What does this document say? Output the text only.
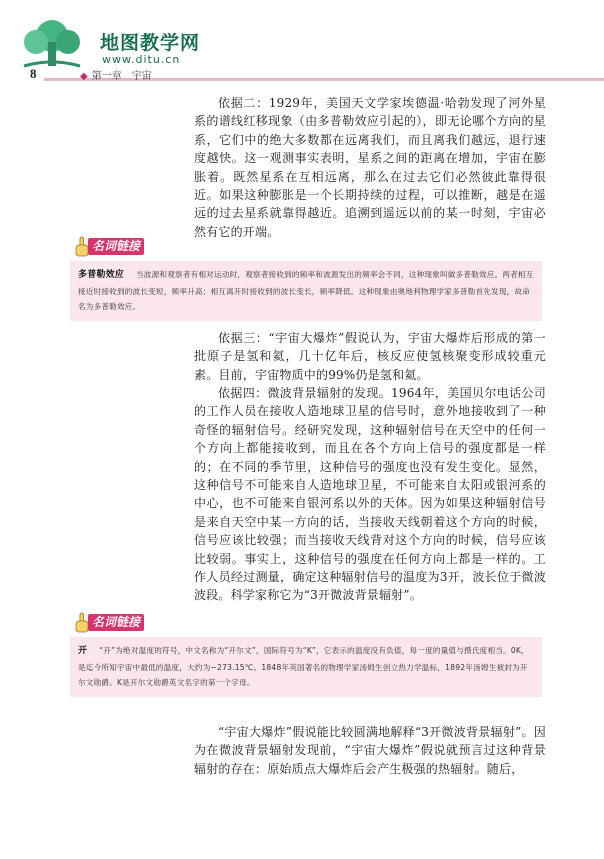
地图教学网
www.ditu.cn
8	◆ 第一章 宇宙

依据二：1929年，美国天文学家埃德温·哈勃发现了河外星系的谱线红移现象（由多普勒效应引起的），即无论哪个方向的星系，它们中的绝大多数都在远离我们，而且离我们越远，退行速度越快。这一观测事实表明，星系之间的距离在增加，宇宙在膨胀着。既然星系在互相远离，那么在过去它们必然彼此靠得很近。如果这种膨胀是一个长期持续的过程，可以推断，越是在遥远的过去星系就靠得越近。追溯到遥远以前的某一时刻，宇宙必然有它的开端。

名词链接

多普勒效应 当波源和观察者有相对运动时，观察者接收到的频率和波源发出的频率会不同，这种现象叫做多普勒效应。两者相互接近时接收到的波长变短，频率升高；相互离开时接收到的波长变长，频率降低。这种现象由奥地利物理学家多普勒首先发现，故命名为多普勒效应。

依据三：“宇宙大爆炸”假说认为，宇宙大爆炸后形成的第一批原子是氢和氦，几十亿年后，核反应使氢核聚变形成较重元素。目前，宇宙物质中的99%仍是氢和氦。

依据四：微波背景辐射的发现。1964年，美国贝尔电话公司的工作人员在接收人造地球卫星的信号时，意外地接收到了一种奇怪的辐射信号。经研究发现，这种辐射信号在天空中的任何一个方向上都能接收到，而且在各个方向上信号的强度都是一样的；在不同的季节里，这种信号的强度也没有发生变化。显然，这种信号不可能来自人造地球卫星，不可能来自太阳或银河系的中心，也不可能来自银河系以外的天体。因为如果这种辐射信号是来自天空中某一方向的话，当接收天线朝着这个方向的时候，信号应该比较强；而当接收天线背对这个方向的时候，信号应该比较弱。事实上，这种信号的强度在任何方向上都是一样的。工作人员经过测量，确定这种辐射信号的温度为3开，波长位于微波波段。科学家称它为“3开微波背景辐射”。

名词链接

开 “开”为绝对温度的符号，中文名称为“开尔文”，国际符号为“K”，它表示的温度没有负值，每一度的量值与摄氏度相当。0K，是迄今所知宇宙中最低的温度，大约为−273.15℃。1848年英国著名的物理学家汤姆生创立热力学温标，1892年汤姆生被封为开尔文勋爵。K是开尔文勋爵英文名字的第一个字母。

“宇宙大爆炸”假说能比较圆满地解释“3开微波背景辐射”。因为在微波背景辐射发现前，“宇宙大爆炸”假说就预言过这种背景辐射的存在：原始质点大爆炸后会产生极强的热辐射。随后，
